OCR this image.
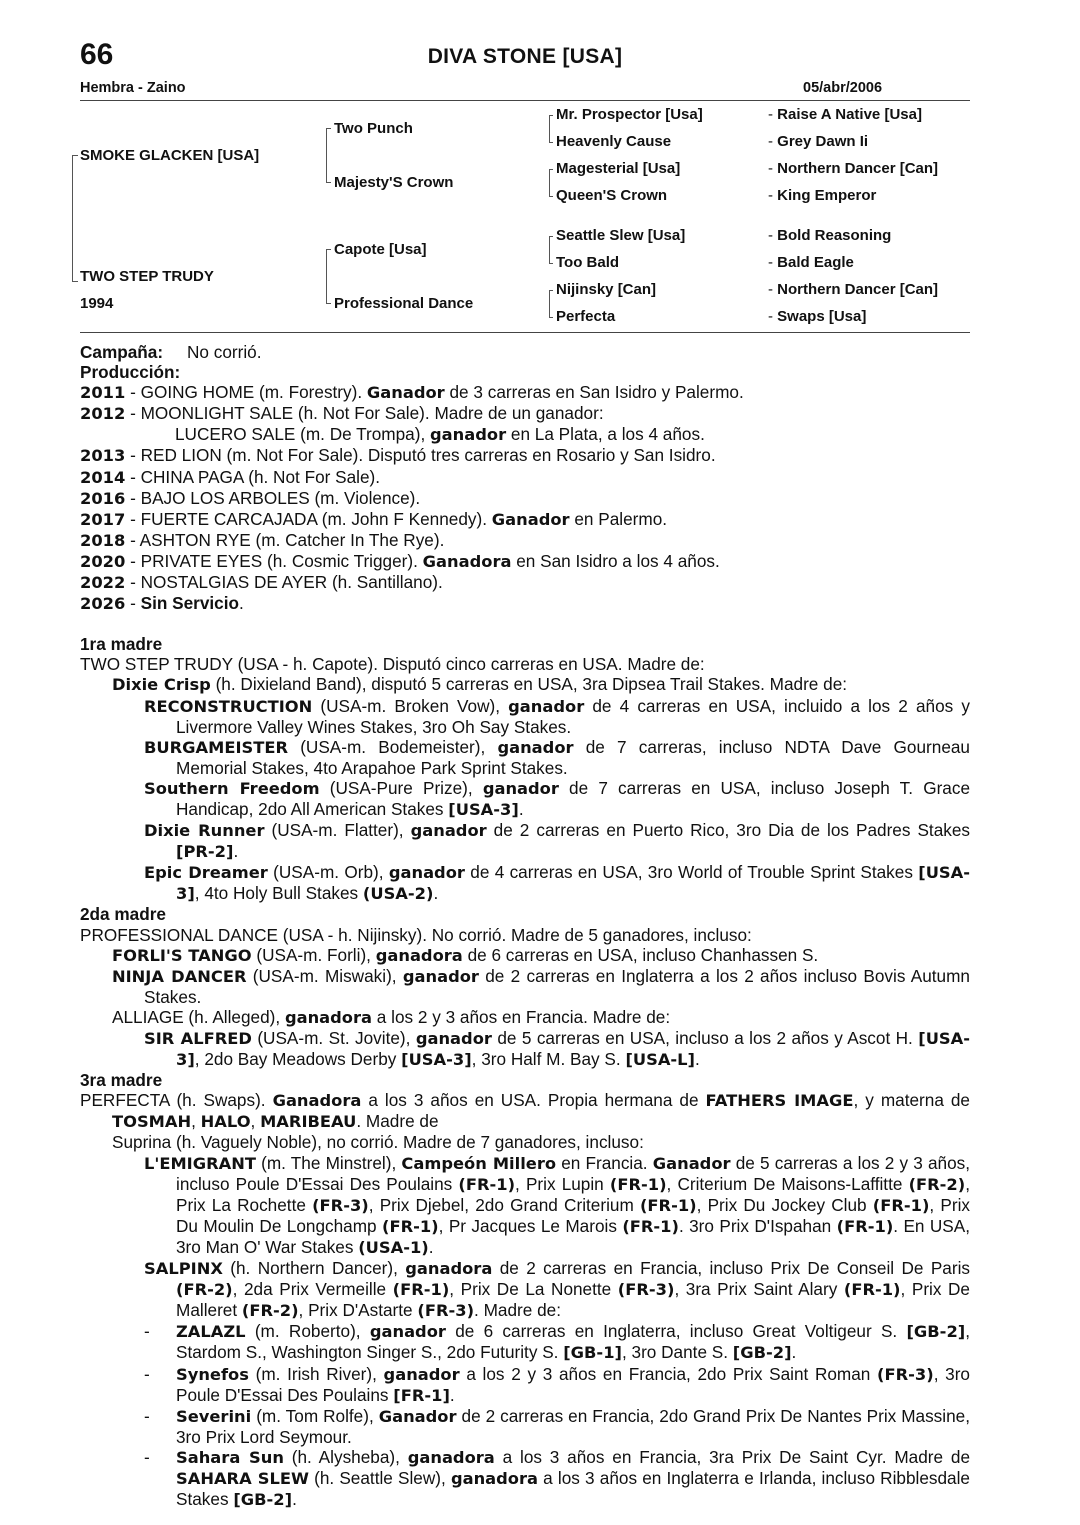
66	DIVA STONE [USA]
Hembra - Zaino	05/abr/2006
SMOKE GLACKEN [USA]
TWO STEP TRUDY
1994
Two Punch
Majesty'S Crown
Capote [Usa]
Professional Dance
Mr. Prospector [Usa]
Heavenly Cause
Magesterial [Usa]
Queen'S Crown
Seattle Slew [Usa]
Too Bald
Nijinsky [Can]
Perfecta
- Raise A Native [Usa]
- Grey Dawn Ii
- Northern Dancer [Can]
- King Emperor
- Bold Reasoning
- Bald Eagle
- Northern Dancer [Can]
- Swaps [Usa]

Campaña: No corrió.

Producción:

2011 - GOING HOME (m. Forestry). Ganador de 3 carreras en San Isidro y Palermo.

2012 - MOONLIGHT SALE (h. Not For Sale). Madre de un ganador:

LUCERO SALE (m. De Trompa), ganador en La Plata, a los 4 años.

2013 - RED LION (m. Not For Sale). Disputó tres carreras en Rosario y San Isidro.

2014 - CHINA PAGA (h. Not For Sale).

2016 - BAJO LOS ARBOLES (m. Violence).

2017 - FUERTE CARCAJADA (m. John F Kennedy). Ganador en Palermo.

2018 - ASHTON RYE (m. Catcher In The Rye).

2020 - PRIVATE EYES (h. Cosmic Trigger). Ganadora en San Isidro a los 4 años.

2022 - NOSTALGIAS DE AYER (h. Santillano).

2026 - Sin Servicio.

1ra madre

TWO STEP TRUDY (USA - h. Capote). Disputó cinco carreras en USA. Madre de:

Dixie Crisp (h. Dixieland Band), disputó 5 carreras en USA, 3ra Dipsea Trail Stakes. Madre de:

RECONSTRUCTION (USA-m. Broken Vow), ganador de 4 carreras en USA, incluido a los 2 años y Livermore Valley Wines Stakes, 3ro Oh Say Stakes.

BURGAMEISTER (USA-m. Bodemeister), ganador de 7 carreras, incluso NDTA Dave Gourneau Memorial Stakes, 4to Arapahoe Park Sprint Stakes.

Southern Freedom (USA-Pure Prize), ganador de 7 carreras en USA, incluso Joseph T. Grace Handicap, 2do All American Stakes [USA-3].

Dixie Runner (USA-m. Flatter), ganador de 2 carreras en Puerto Rico, 3ro Dia de los Padres Stakes [PR-2].

Epic Dreamer (USA-m. Orb), ganador de 4 carreras en USA, 3ro World of Trouble Sprint Stakes [USA-3], 4to Holy Bull Stakes (USA-2).

2da madre

PROFESSIONAL DANCE (USA - h. Nijinsky). No corrió. Madre de 5 ganadores, incluso:

FORLI'S TANGO (USA-m. Forli), ganadora de 6 carreras en USA, incluso Chanhassen S.

NINJA DANCER (USA-m. Miswaki), ganador de 2 carreras en Inglaterra a los 2 años incluso Bovis Autumn Stakes.

ALLIAGE (h. Alleged), ganadora a los 2 y 3 años en Francia. Madre de:

SIR ALFRED (USA-m. St. Jovite), ganador de 5 carreras en USA, incluso a los 2 años y Ascot H. [USA-3], 2do Bay Meadows Derby [USA-3], 3ro Half M. Bay S. [USA-L].

3ra madre

PERFECTA (h. Swaps). Ganadora a los 3 años en USA. Propia hermana de FATHERS IMAGE, y materna de TOSMAH, HALO, MARIBEAU. Madre de

Suprina (h. Vaguely Noble), no corrió. Madre de 7 ganadores, incluso:

L'EMIGRANT (m. The Minstrel), Campeón Millero en Francia. Ganador de 5 carreras a los 2 y 3 años, incluso Poule D'Essai Des Poulains (FR-1), Prix Lupin (FR-1), Criterium De Maisons-Laffitte (FR-2), Prix La Rochette (FR-3), Prix Djebel, 2do Grand Criterium (FR-1), Prix Du Jockey Club (FR-1), Prix Du Moulin De Longchamp (FR-1), Pr Jacques Le Marois (FR-1). 3ro Prix D'Ispahan (FR-1). En USA, 3ro Man O' War Stakes (USA-1).

SALPINX (h. Northern Dancer), ganadora de 2 carreras en Francia, incluso Prix De Conseil De Paris (FR-2), 2da Prix Vermeille (FR-1), Prix De La Nonette (FR-3), 3ra Prix Saint Alary (FR-1), Prix De Malleret (FR-2), Prix D'Astarte (FR-3). Madre de:

- ZALAZL (m. Roberto), ganador de 6 carreras en Inglaterra, incluso Great Voltigeur S. [GB-2], Stardom S., Washington Singer S., 2do Futurity S. [GB-1], 3ro Dante S. [GB-2].

- Synefos (m. Irish River), ganador a los 2 y 3 años en Francia, 2do Prix Saint Roman (FR-3), 3ro Poule D'Essai Des Poulains [FR-1].

- Severini (m. Tom Rolfe), Ganador de 2 carreras en Francia, 2do Grand Prix De Nantes Prix Massine, 3ro Prix Lord Seymour.

- Sahara Sun (h. Alysheba), ganadora a los 3 años en Francia, 3ra Prix De Saint Cyr. Madre de SAHARA SLEW (h. Seattle Slew), ganadora a los 3 años en Inglaterra e Irlanda, incluso Ribblesdale Stakes [GB-2].
